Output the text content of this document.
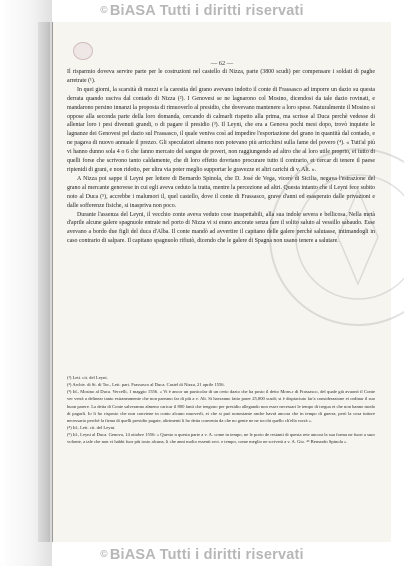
© BiASA Tutti i diritti riservati
— 62 —

Il risparmio doveva servire parte per le costruzioni nel castello di Nizza, parte (3800 scudi) per compensare i soldati di paghe arretrate (¹).

In quei giorni, la scarsità di mezzi e la carestia del grano avevano indotto il conte di Frassasco ad imporre un dazio su questa derrata quando usciva dal contado di Nizza (²). I Genovesi se ne lagnarono col Mosino, dicendosi da tale dazio rovinati, e mandarono persino innanzi la proposta di rimuoverlo al presidio, che dovevano mantenere a loro spese. Naturalmente il Mosino si oppose alla seconda parte della loro domanda, cercando di calmarli rispetto alla prima, ma scrisse al Duca perchè vedesse di allentar loro i pesi divenuti grandi, o di pagare il presidio (³). Il Leyni, che era a Genova pochi mesi dopo, trovò inquiete le lagnanze dei Genovesi pel dazio sul Frassasco, il quale veniva così ad impedire l'esportazione del grano in quantità dal contado, e ne pagava di nuovo annuale il prezzo. Gli speculatori almeno non potevano più arricchirsi sulla fame del povero (⁴). « Tutt'al più vi hanno dunno sola 4 o 6 che fanno mercato del sangue de poveri, non raggiungendo ad altro che al loro utile proprio, et tutto di quelli forse che scrivono tanto caldamente, che di loro effetto dovriano procurare tutto il contrario, et cercar di tenere il paese ripienidi di grani, e non ridotto, per ultra via poter meglio supportar le gravezze et altri carichi di v. Alt. ».

A Nizza poi sappe il Leyni per lettere di Bernardo Spinola, che D. José de Vega, vicerè di Sicilia, negava l'estrazione del grano al mercante genovese in cui egli aveva ceduto la tratta, mentre la percezione ad altri. Questa intanto che il Leyni fece subito noto al Duca (⁵), accrebbe i malumori il, quel castello, dove il conte di Frassasco, grave d'anni ed esasperato dalle privazioni e dalle sofferenze fisiche, si inaspriva non poco.

Durante l'assenza del Leyni, il vecchio conte aveva veduto cose inaspettabili, alla sua indole severa e bellicosa. Nella metà d'aprile alcune galere spagnuole entrate nel porto di Nizza vi si erano ancorate senza fare il solito saluto al vessillo sabaudo. Esse avevano a bordo due figli del duca d'Alba. Il conte mandò ad avvertire il capitano delle galere perchè salutasse, intimandogli in caso contrario di salpare. Il capitano spagnuolo rifiutò, dicendo che le galere di Spagna non usano tenere a salutare.

(¹) Lett. cit. del Leyni.

(²) Archiv. di St. di Tor., Lett. part. Frassasco al Duca. Castel di Nizza, 21 aprile 1556.

(³) Id., Mosino al Duca. Vercelli, 1 maggio 1556. « Vi è ancor un particolar di un certo dazio che ha posto il detto Mons.r di Frassasco, del quale già avuonò il Conte ver verrà a delinear tanto estraneamente che non pareano far di più a v. Alt. Si havranno fatto parer 25,000 scudi; si è dispiaciuto far'a considerazione et ordinar il suo buon parere. La detta di Conte salveranno almeno caricar il 800 fanti che tengono per presidio allegando non esser necessari le tempo di tregua et che non hanno modo di pagarli. Io li ho risposto che non conviene in conto alcuno muoverli, et che si può nonostante anche havrà ancora che in tempo di guerra, però la cosa tuttore necessario perchè la firma di quelli presidio pagate, altrimenti li ho detta conventa da che no gente ne ne tocchi quello ch'ella vorrà ».

(⁴) Id., Lett. cit. del Leyni.

(⁵) Id., Leyni al Duca. Genova, 14 ottobre 1556: « Questo n questa parte a v. A. come in tempo, ne le porto de restanti di questa rete ancora la sua forma ne fuori a suor volonte, a tale che non vi habbi fuor più tosto alcuna, li che anni molto essenti sect. e tempo, come meglio ne scriverà a v. A. Gio. ⁴⁶ Bernardo Spinola ».

© BiASA Tutti i diritti riservati
